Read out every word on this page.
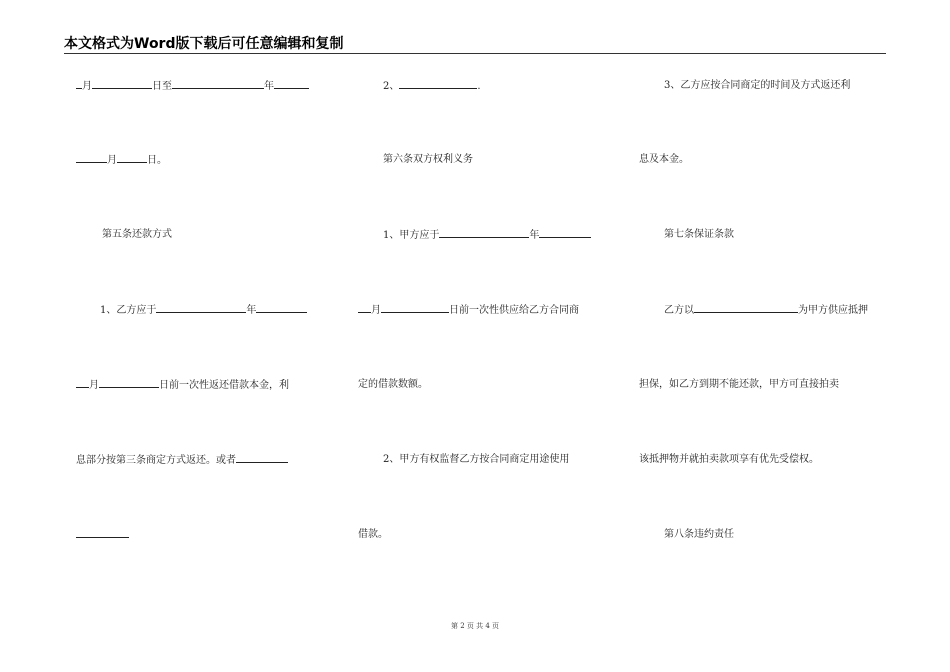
本文格式为Word版下载后可任意编辑和复制
月	日至	年
月	日。
第五条还款方式
1、乙方应于	年
月	日前一次性返还借款本金，利
息部分按第三条商定方式返还。或者
2、	.
第六条双方权利义务
1、甲方应于	年
月	日前一次性供应给乙方合同商
定的借款数额。
2、甲方有权监督乙方按合同商定用途使用
借款。
3、乙方应按合同商定的时间及方式返还利
息及本金。
第七条保证条款
乙方以	为甲方供应抵押
担保，如乙方到期不能还款，甲方可直接拍卖
该抵押物并就拍卖款项享有优先受偿权。
第八条违约责任
第 2 页 共 4 页
